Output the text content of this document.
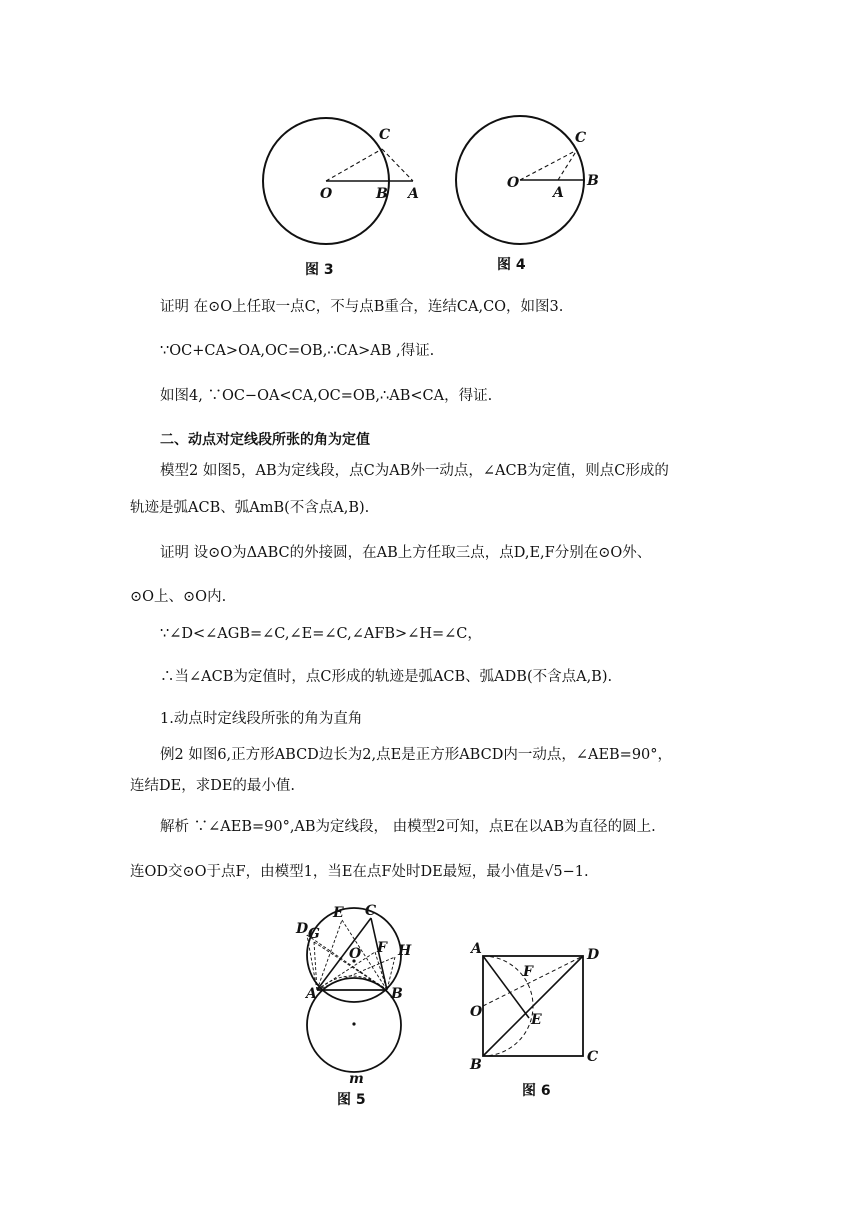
O	B A
C
图 3
O
A
B
C
图 4
证明 在⊙O上任取一点C，不与点B重合，连结CA,CO，如图3.
∵OC+CA>OA,OC=OB,∴CA>AB ,得证.
如图4, ∵OC−OA<CA,OC=OB,∴AB<CA，得证.
二、动点对定线段所张的角为定值
模型2 如图5，AB为定线段，点C为AB外一动点，∠ACB为定值，则点C形成的
轨迹是弧ACB、弧AmB(不含点A,B).
证明 设⊙O为ΔABC的外接圆，在AB上方任取三点，点D,E,F分别在⊙O外、
⊙O上、⊙O内.
∵∠D<∠AGB=∠C,∠E=∠C,∠AFB>∠H=∠C，
∴当∠ACB为定值时，点C形成的轨迹是弧ACB、弧ADB(不含点A,B).
1.动点时定线段所张的角为直角
例2 如图6,正方形ABCD边长为2,点E是正方形ABCD内一动点，∠AEB=90°，
连结DE，求DE的最小值.
解析 ∵∠AEB=90°,AB为定线段， 由模型2可知，点E在以AB为直径的圆上.
连OD交⊙O于点F，由模型1，当E在点F处时DE最短，最小值是√5−1.
E C
D G
O F H
A	B
m
图 5
A	D
F
O	E
B	C
图 6
